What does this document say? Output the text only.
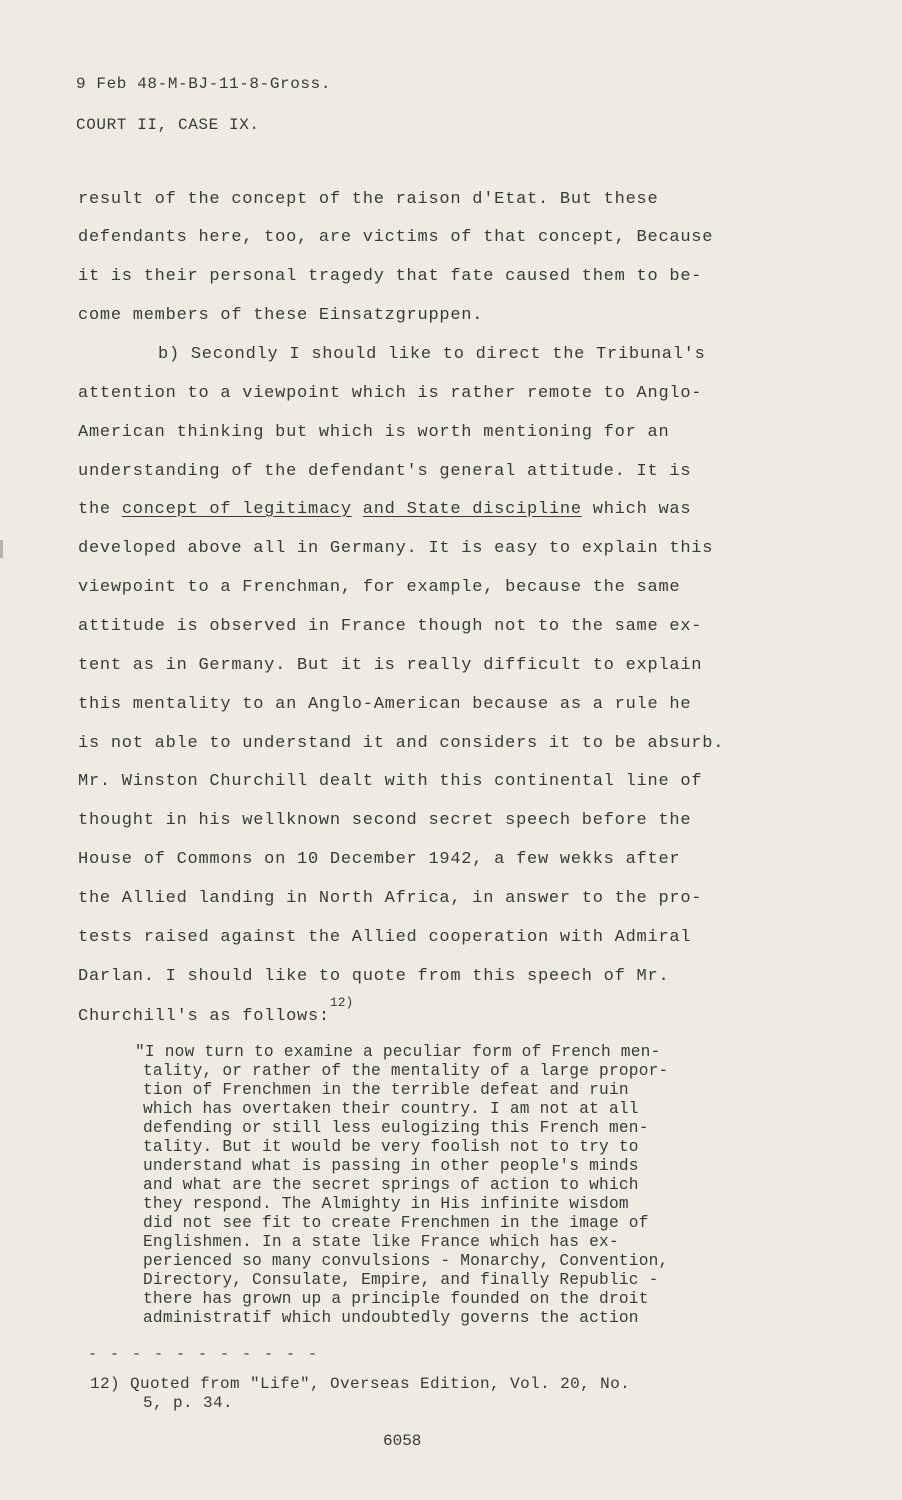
9 Feb 48-M-BJ-11-8-Gross.
COURT II, CASE IX.
result of the concept of the raison d'Etat. But these
defendants here, too, are victims of that concept, Because
it is their personal tragedy that fate caused them to be-
come members of these Einsatzgruppen.
b) Secondly I should like to direct the Tribunal's
attention to a viewpoint which is rather remote to Anglo-
American thinking but which is worth mentioning for an
understanding of the defendant's general attitude. It is
the concept of legitimacy and State discipline which was
developed above all in Germany. It is easy to explain this
viewpoint to a Frenchman, for example, because the same
attitude is observed in France though not to the same ex-
tent as in Germany. But it is really difficult to explain
this mentality to an Anglo-American because as a rule he
is not able to understand it and considers it to be absurb.
Mr. Winston Churchill dealt with this continental line of
thought in his wellknown second secret speech before the
House of Commons on 10 December 1942, a few wekks after
the Allied landing in North Africa, in answer to the pro-
tests raised against the Allied cooperation with Admiral
Darlan. I should like to quote from this speech of Mr.
Churchill's as follows:$^{12)}$
"I now turn to examine a peculiar form of French men-
tality, or rather of the mentality of a large propor-
tion of Frenchmen in the terrible defeat and ruin
which has overtaken their country. I am not at all
defending or still less eulogizing this French men-
tality. But it would be very foolish not to try to
understand what is passing in other people's minds
and what are the secret springs of action to which
they respond. The Almighty in His infinite wisdom
did not see fit to create Frenchmen in the image of
Englishmen. In a state like France which has ex-
perienced so many convulsions - Monarchy, Convention,
Directory, Consulate, Empire, and finally Republic -
there has grown up a principle founded on the droit
administratif which undoubtedly governs the action
- - - - - - - - - - -
12) Quoted from "Life", Overseas Edition, Vol. 20, No.
5, p. 34.
6058
